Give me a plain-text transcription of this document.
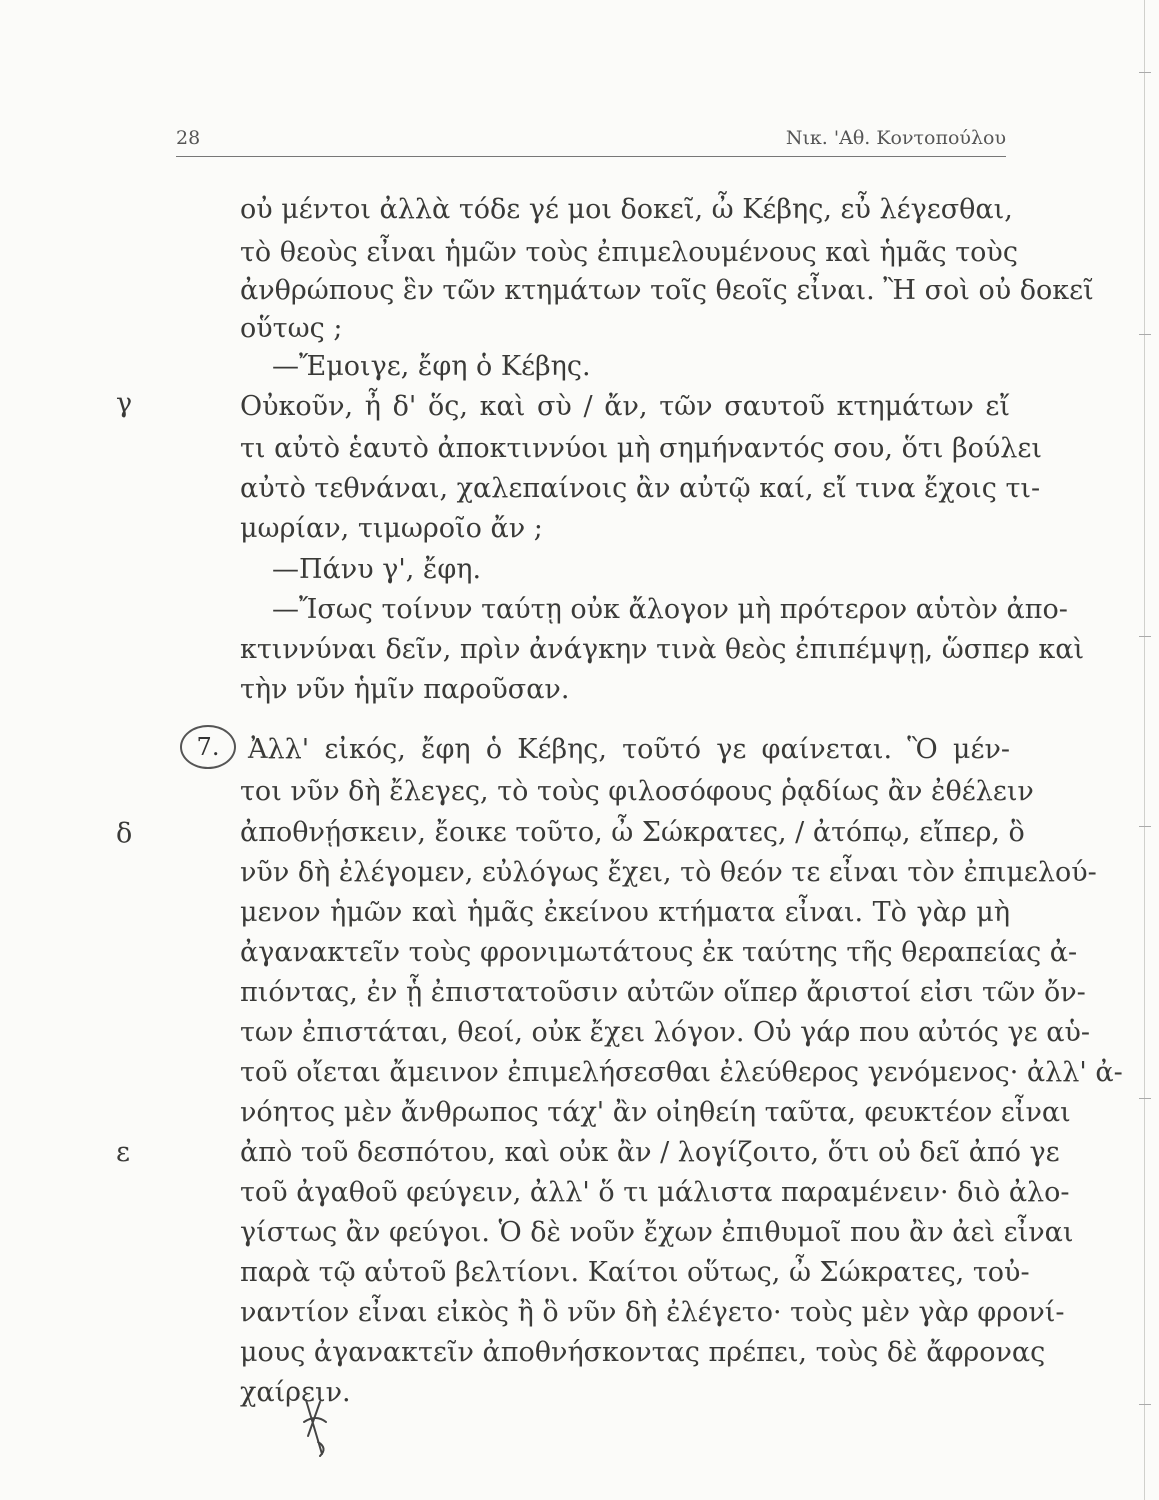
28	Νικ. 'Αθ. Κοντοπούλου
γ
δ
ε
οὐ μέντοι ἀλλὰ τόδε γέ μοι δοκεῖ, ὦ Κέβης, εὖ λέγεσθαι,
τὸ θεοὺς εἶναι ἡμῶν τοὺς ἐπιμελουμένους καὶ ἡμᾶς τοὺς
ἀνθρώπους ἓν τῶν κτημάτων τοῖς θεοῖς εἶναι. Ἢ σοὶ οὐ δοκεῖ
οὕτως ;
—Ἔμοιγε, ἔφη ὁ Κέβης.
Οὐκοῦν, ἦ δ' ὅς, καὶ σὺ / ἄν, τῶν σαυτοῦ κτημάτων εἴ
τι αὐτὸ ἑαυτὸ ἀποκτιννύοι μὴ σημήναντός σου, ὅτι βούλει
αὐτὸ τεθνάναι, χαλεπαίνοις ἂν αὐτῷ καί, εἴ τινα ἔχοις τι-
μωρίαν, τιμωροῖο ἄν ;
—Πάνυ γ', ἔφη.
—Ἴσως τοίνυν ταύτῃ οὐκ ἄλογον μὴ πρότερον αὑτὸν ἀπο-
κτιννύναι δεῖν, πρὶν ἀνάγκην τινὰ θεὸς ἐπιπέμψῃ, ὥσπερ καὶ
τὴν νῦν ἡμῖν παροῦσαν.
7.	Ἀλλ' εἰκός, ἔφη ὁ Κέβης, τοῦτό γε φαίνεται. Ὃ μέν-
τοι νῦν δὴ ἔλεγες, τὸ τοὺς φιλοσόφους ῥᾳδίως ἂν ἐθέλειν
ἀποθνῄσκειν, ἔοικε τοῦτο, ὦ Σώκρατες, / ἀτόπῳ, εἴπερ, ὃ
νῦν δὴ ἐλέγομεν, εὐλόγως ἔχει, τὸ θεόν τε εἶναι τὸν ἐπιμελού-
μενον ἡμῶν καὶ ἡμᾶς ἐκείνου κτήματα εἶναι. Τὸ γὰρ μὴ
ἀγανακτεῖν τοὺς φρονιμωτάτους ἐκ ταύτης τῆς θεραπείας ἀ-
πιόντας, ἐν ᾗ ἐπιστατοῦσιν αὐτῶν οἵπερ ἄριστοί εἰσι τῶν ὄν-
των ἐπιστάται, θεοί, οὐκ ἔχει λόγον. Οὐ γάρ που αὐτός γε αὑ-
τοῦ οἴεται ἄμεινον ἐπιμελήσεσθαι ἐλεύθερος γενόμενος· ἀλλ' ἀ-
νόητος μὲν ἄνθρωπος τάχ' ἂν οἰηθείη ταῦτα, φευκτέον εἶναι
ἀπὸ τοῦ δεσπότου, καὶ οὐκ ἂν / λογίζοιτο, ὅτι οὐ δεῖ ἀπό γε
τοῦ ἀγαθοῦ φεύγειν, ἀλλ' ὅ τι μάλιστα παραμένειν· διὸ ἀλο-
γίστως ἂν φεύγοι. Ὁ δὲ νοῦν ἔχων ἐπιθυμοῖ που ἂν ἀεὶ εἶναι
παρὰ τῷ αὑτοῦ βελτίονι. Καίτοι οὕτως, ὦ Σώκρατες, τοὐ-
ναντίον εἶναι εἰκὸς ἢ ὃ νῦν δὴ ἐλέγετο· τοὺς μὲν γὰρ φρονί-
μους ἀγανακτεῖν ἀποθνήσκοντας πρέπει, τοὺς δὲ ἄφρονας
χαίρειν.
